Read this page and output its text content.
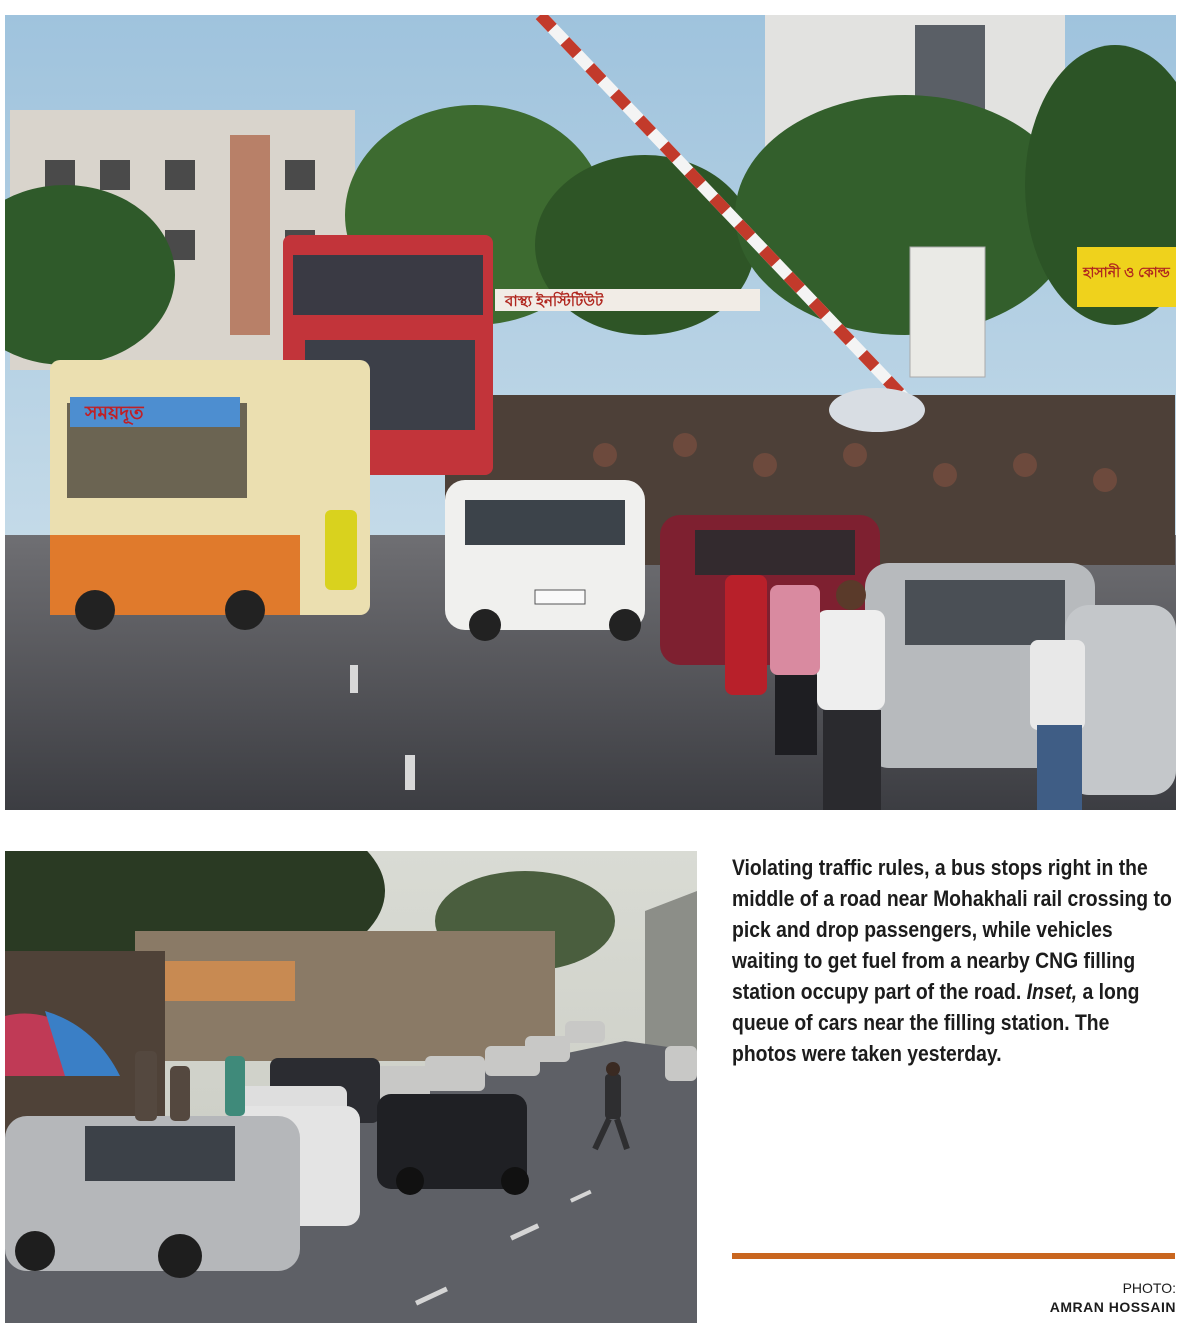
বাস্থ্য ইনস্টিটিউট
সময়দূত
হাসানী ও কোল্ড
Violating traffic rules, a bus stops right in the middle of a road near Mohakhali rail crossing to pick and drop passengers, while vehicles waiting to get fuel from a nearby CNG filling station occupy part of the road. Inset, a long queue of cars near the filling station. The photos were taken yesterday.
PHOTO:
AMRAN HOSSAIN
